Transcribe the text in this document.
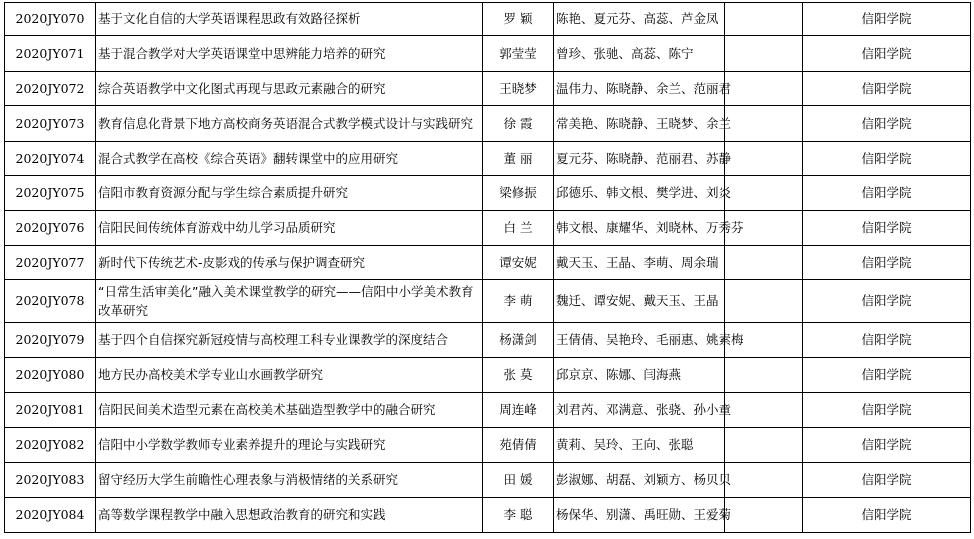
2020JY070	基于文化自信的大学英语课程思政有效路径探析	罗 颖	陈艳、夏元芬、高蕊、芦金凤		信阳学院
2020JY071	基于混合教学对大学英语课堂中思辨能力培养的研究	郭莹莹	曾珍、张驰、高蕊、陈宁		信阳学院
2020JY072	综合英语教学中文化图式再现与思政元素融合的研究	王晓梦	温伟力、陈晓静、余兰、范丽君		信阳学院
2020JY073	教育信息化背景下地方高校商务英语混合式教学模式设计与实践研究	徐 霞	常美艳、陈晓静、王晓梦、余兰		信阳学院
2020JY074	混合式教学在高校《综合英语》翻转课堂中的应用研究	董 丽	夏元芬、陈晓静、范丽君、苏静		信阳学院
2020JY075	信阳市教育资源分配与学生综合素质提升研究	梁修振	邱德乐、韩文根、樊学进、刘炎		信阳学院
2020JY076	信阳民间传统体育游戏中幼儿学习品质研究	白 兰	韩文根、康耀华、刘晓林、万秀芬		信阳学院
2020JY077	新时代下传统艺术-皮影戏的传承与保护调查研究	谭安妮	戴天玉、王晶、李萌、周余瑞		信阳学院
2020JY078	“日常生活审美化”融入美术课堂教学的研究——信阳中小学美术教育改革研究	李 萌	魏迁、谭安妮、戴天玉、王晶		信阳学院
2020JY079	基于四个自信探究新冠疫情与高校理工科专业课教学的深度结合	杨潇剑	王倩倩、吴艳玲、毛丽惠、姚素梅		信阳学院
2020JY080	地方民办高校美术学专业山水画教学研究	张 莫	邱京京、陈娜、闫海燕		信阳学院
2020JY081	信阳民间美术造型元素在高校美术基础造型教学中的融合研究	周连峰	刘君芮、邓满意、张骁、孙小童		信阳学院
2020JY082	信阳中小学数学教师专业素养提升的理论与实践研究	苑倩倩	黄莉、吴玲、王向、张聪		信阳学院
2020JY083	留守经历大学生前瞻性心理表象与消极情绪的关系研究	田 媛	彭淑娜、胡磊、刘颖方、杨贝贝		信阳学院
2020JY084	高等数学课程教学中融入思想政治教育的研究和实践	李 聪	杨保华、别潇、禹旺勋、王爱菊		信阳学院
